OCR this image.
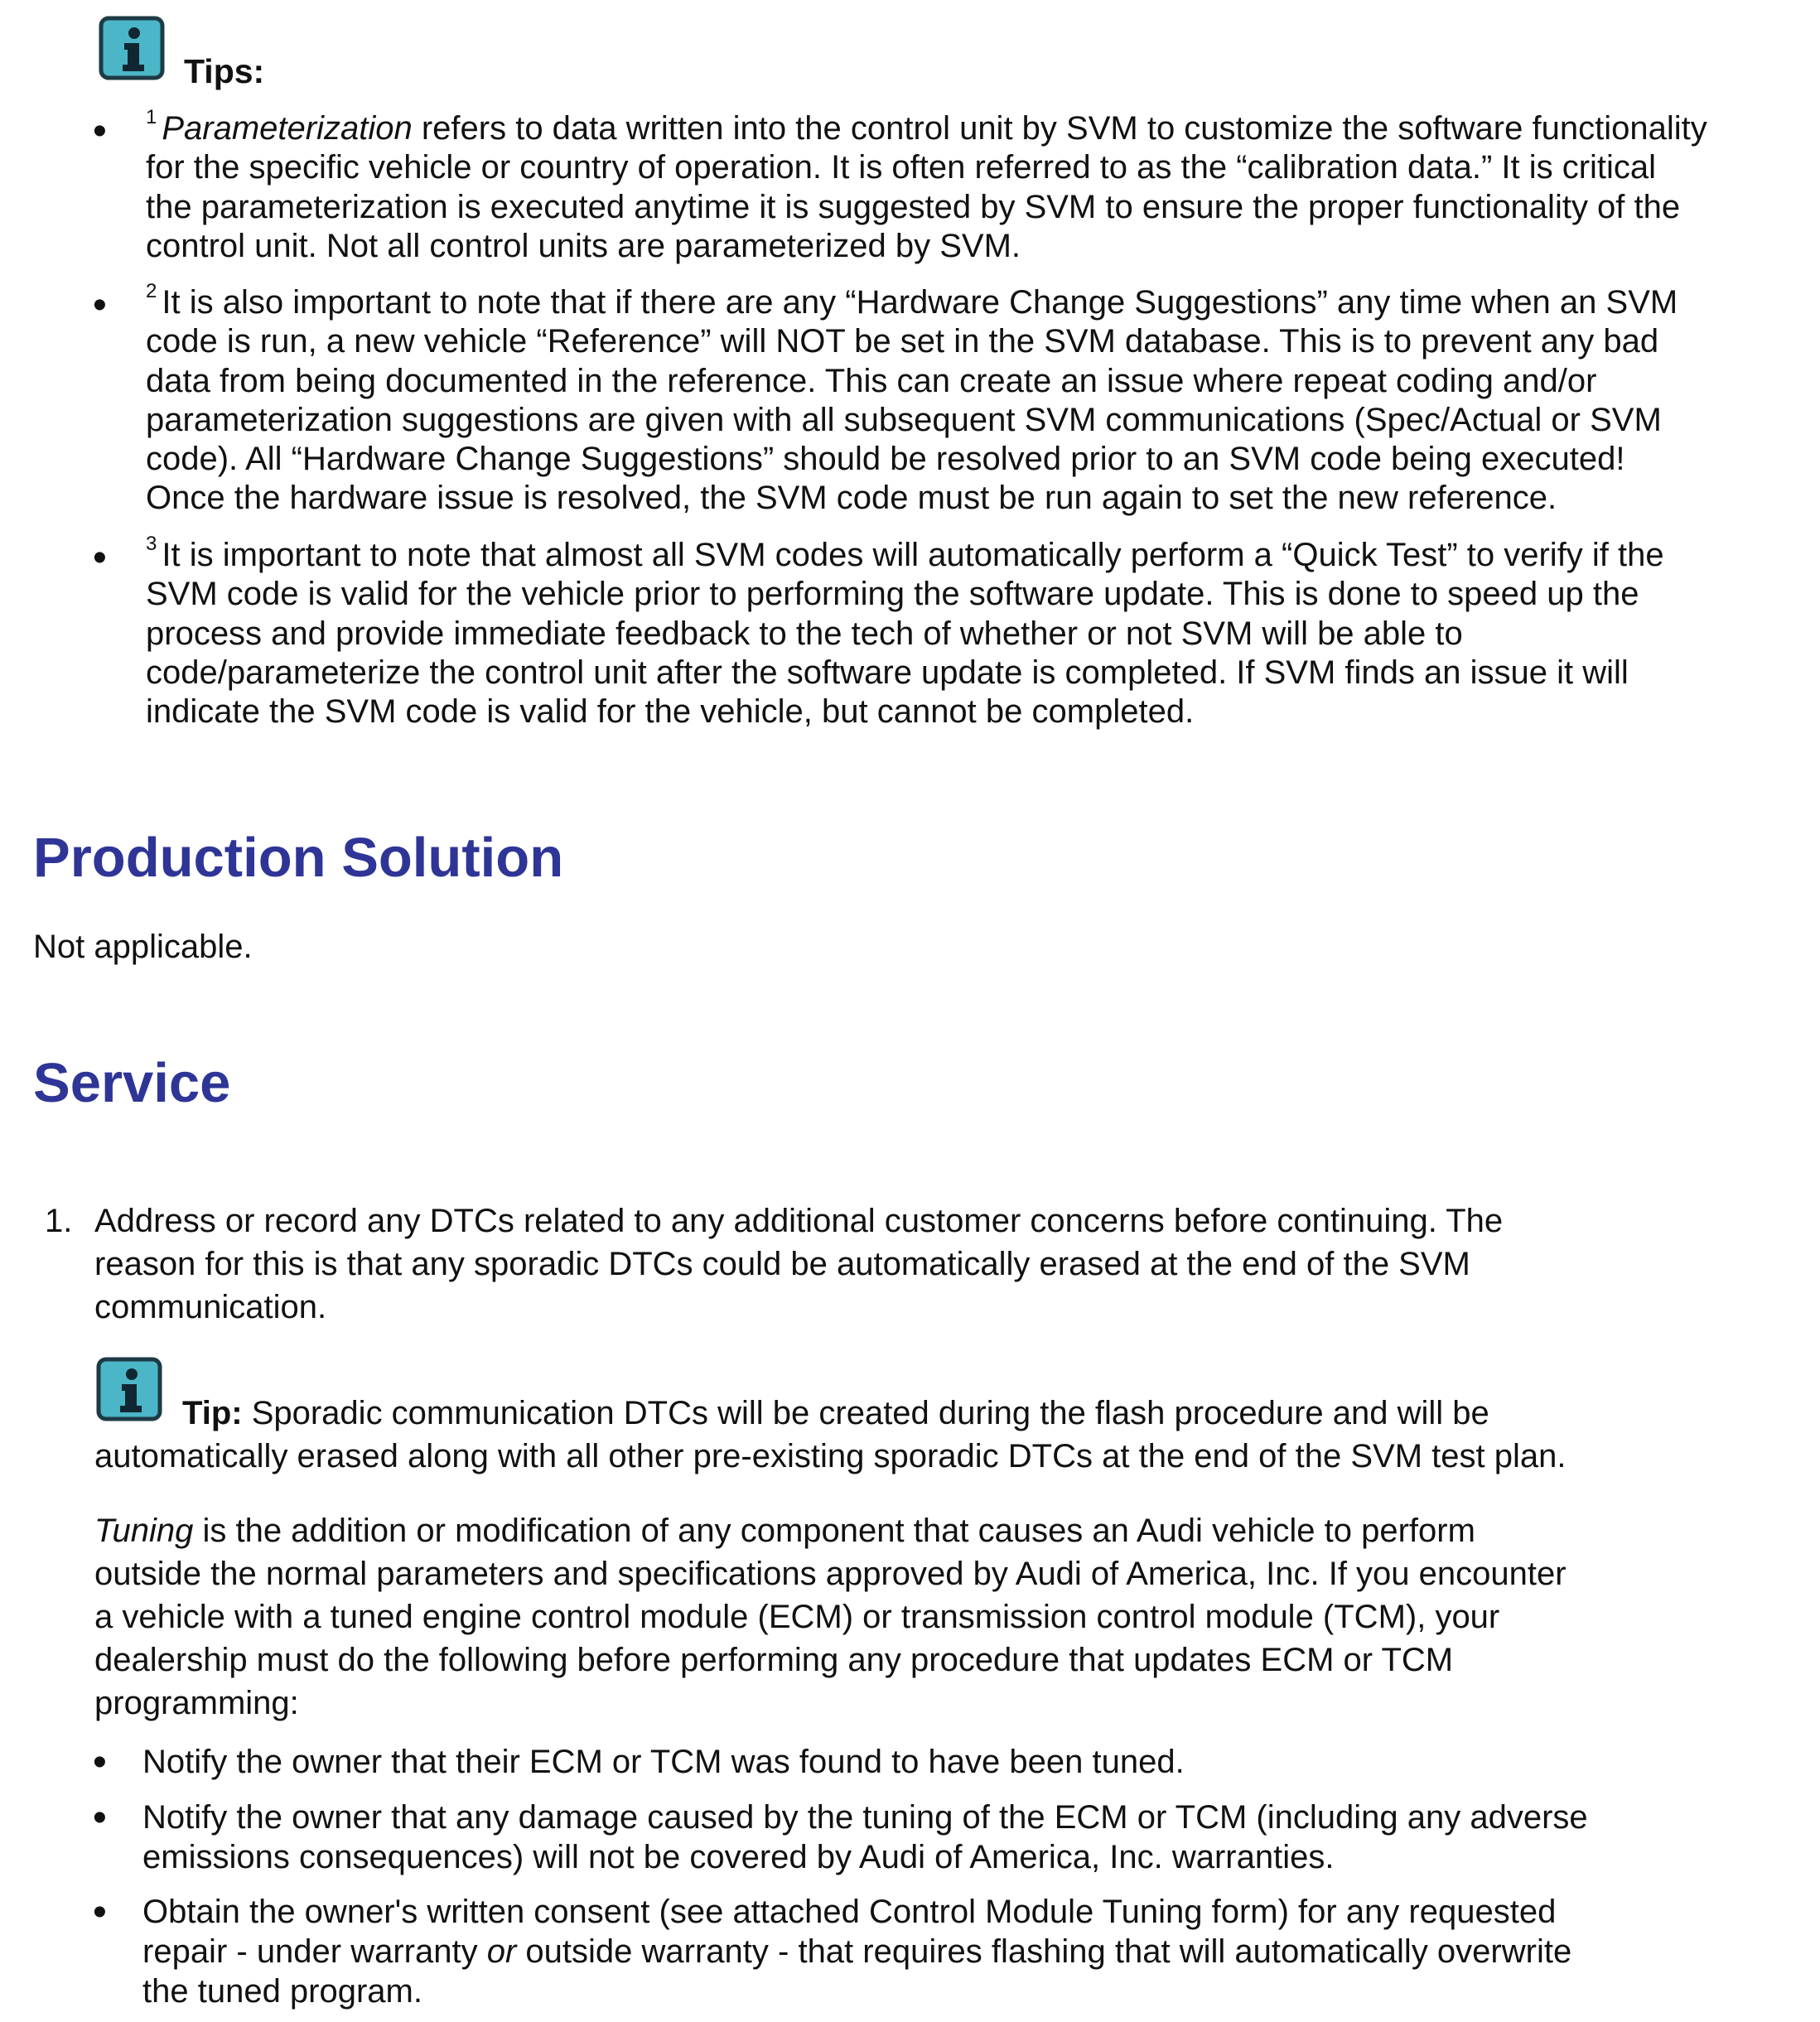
Tips:
• $^1$ Parameterization refers to data written into the control unit by SVM to customize the software functionality
for the specific vehicle or country of operation. It is often referred to as the “calibration data.” It is critical
the parameterization is executed anytime it is suggested by SVM to ensure the proper functionality of the
control unit. Not all control units are parameterized by SVM.
• $^2$ It is also important to note that if there are any “Hardware Change Suggestions” any time when an SVM
code is run, a new vehicle “Reference” will NOT be set in the SVM database. This is to prevent any bad
data from being documented in the reference. This can create an issue where repeat coding and/or
parameterization suggestions are given with all subsequent SVM communications (Spec/Actual or SVM
code). All “Hardware Change Suggestions” should be resolved prior to an SVM code being executed!
Once the hardware issue is resolved, the SVM code must be run again to set the new reference.
• $^3$ It is important to note that almost all SVM codes will automatically perform a “Quick Test” to verify if the
SVM code is valid for the vehicle prior to performing the software update. This is done to speed up the
process and provide immediate feedback to the tech of whether or not SVM will be able to
code/parameterize the control unit after the software update is completed. If SVM finds an issue it will
indicate the SVM code is valid for the vehicle, but cannot be completed.
Production Solution
Not applicable.
Service
1. Address or record any DTCs related to any additional customer concerns before continuing. The
reason for this is that any sporadic DTCs could be automatically erased at the end of the SVM
communication.
Tip: Sporadic communication DTCs will be created during the flash procedure and will be
automatically erased along with all other pre-existing sporadic DTCs at the end of the SVM test plan.
Tuning is the addition or modification of any component that causes an Audi vehicle to perform
outside the normal parameters and specifications approved by Audi of America, Inc. If you encounter
a vehicle with a tuned engine control module (ECM) or transmission control module (TCM), your
dealership must do the following before performing any procedure that updates ECM or TCM
programming:
• Notify the owner that their ECM or TCM was found to have been tuned.
• Notify the owner that any damage caused by the tuning of the ECM or TCM (including any adverse
emissions consequences) will not be covered by Audi of America, Inc. warranties.
• Obtain the owner's written consent (see attached Control Module Tuning form) for any requested
repair - under warranty or outside warranty - that requires flashing that will automatically overwrite
the tuned program.
